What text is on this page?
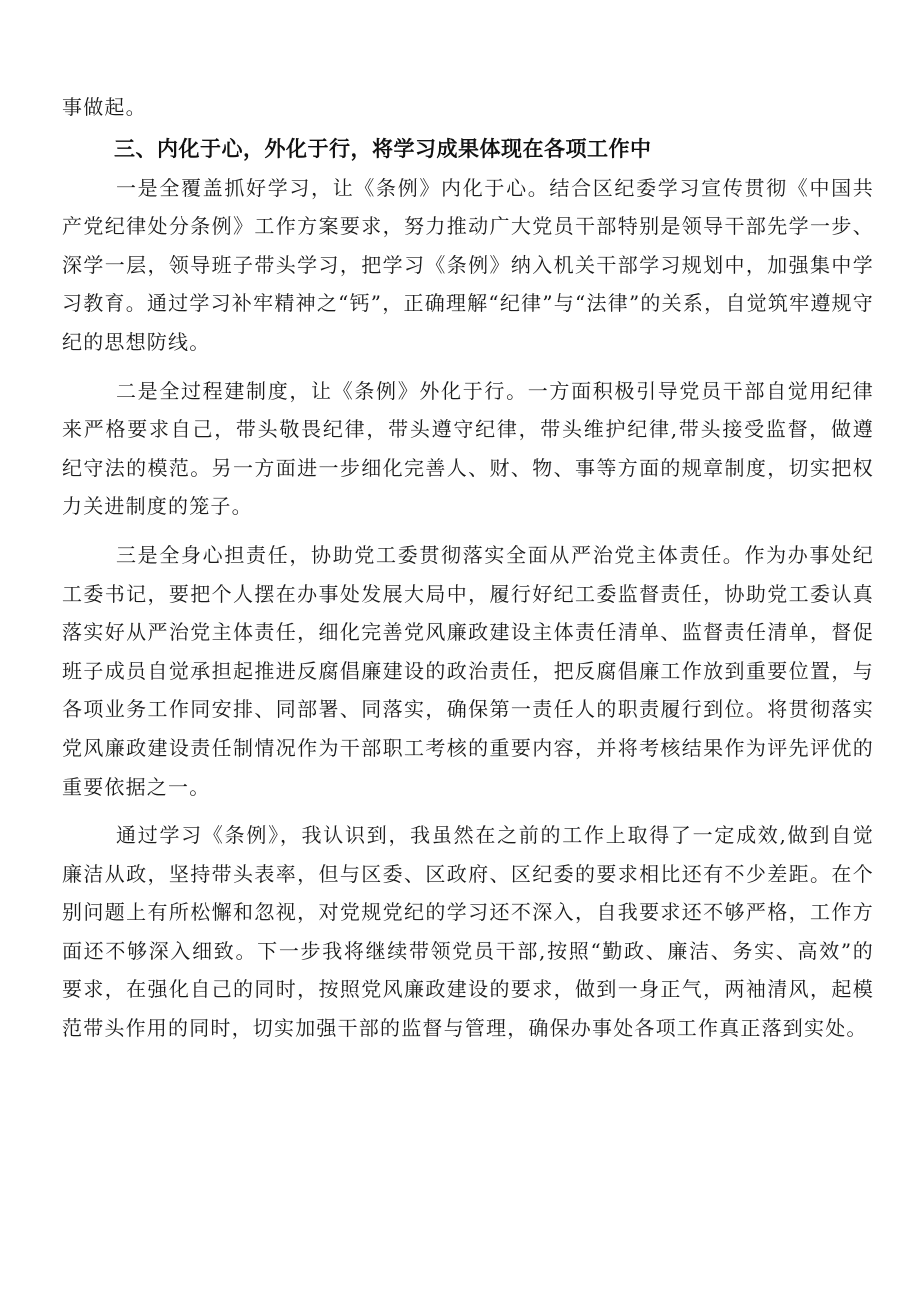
事做起。

三、内化于心，外化于行，将学习成果体现在各项工作中

一是全覆盖抓好学习，让《条例》内化于心。结合区纪委学习宣传贯彻《中国共产党纪律处分条例》工作方案要求，努力推动广大党员干部特别是领导干部先学一步、深学一层，领导班子带头学习，把学习《条例》纳入机关干部学习规划中，加强集中学习教育。通过学习补牢精神之“钙”，正确理解“纪律”与“法律”的关系，自觉筑牢遵规守纪的思想防线。

二是全过程建制度，让《条例》外化于行。一方面积极引导党员干部自觉用纪律来严格要求自己，带头敬畏纪律，带头遵守纪律，带头维护纪律,带头接受监督，做遵纪守法的模范。另一方面进一步细化完善人、财、物、事等方面的规章制度，切实把权力关进制度的笼子。

三是全身心担责任，协助党工委贯彻落实全面从严治党主体责任。作为办事处纪工委书记，要把个人摆在办事处发展大局中，履行好纪工委监督责任，协助党工委认真落实好从严治党主体责任，细化完善党风廉政建设主体责任清单、监督责任清单，督促班子成员自觉承担起推进反腐倡廉建设的政治责任，把反腐倡廉工作放到重要位置，与各项业务工作同安排、同部署、同落实，确保第一责任人的职责履行到位。将贯彻落实党风廉政建设责任制情况作为干部职工考核的重要内容，并将考核结果作为评先评优的重要依据之一。

通过学习《条例》，我认识到，我虽然在之前的工作上取得了一定成效,做到自觉廉洁从政，坚持带头表率，但与区委、区政府、区纪委的要求相比还有不少差距。在个别问题上有所松懈和忽视，对党规党纪的学习还不深入，自我要求还不够严格，工作方面还不够深入细致。下一步我将继续带领党员干部,按照“勤政、廉洁、务实、高效”的要求，在强化自己的同时，按照党风廉政建设的要求，做到一身正气，两袖清风，起模范带头作用的同时，切实加强干部的监督与管理，确保办事处各项工作真正落到实处。
